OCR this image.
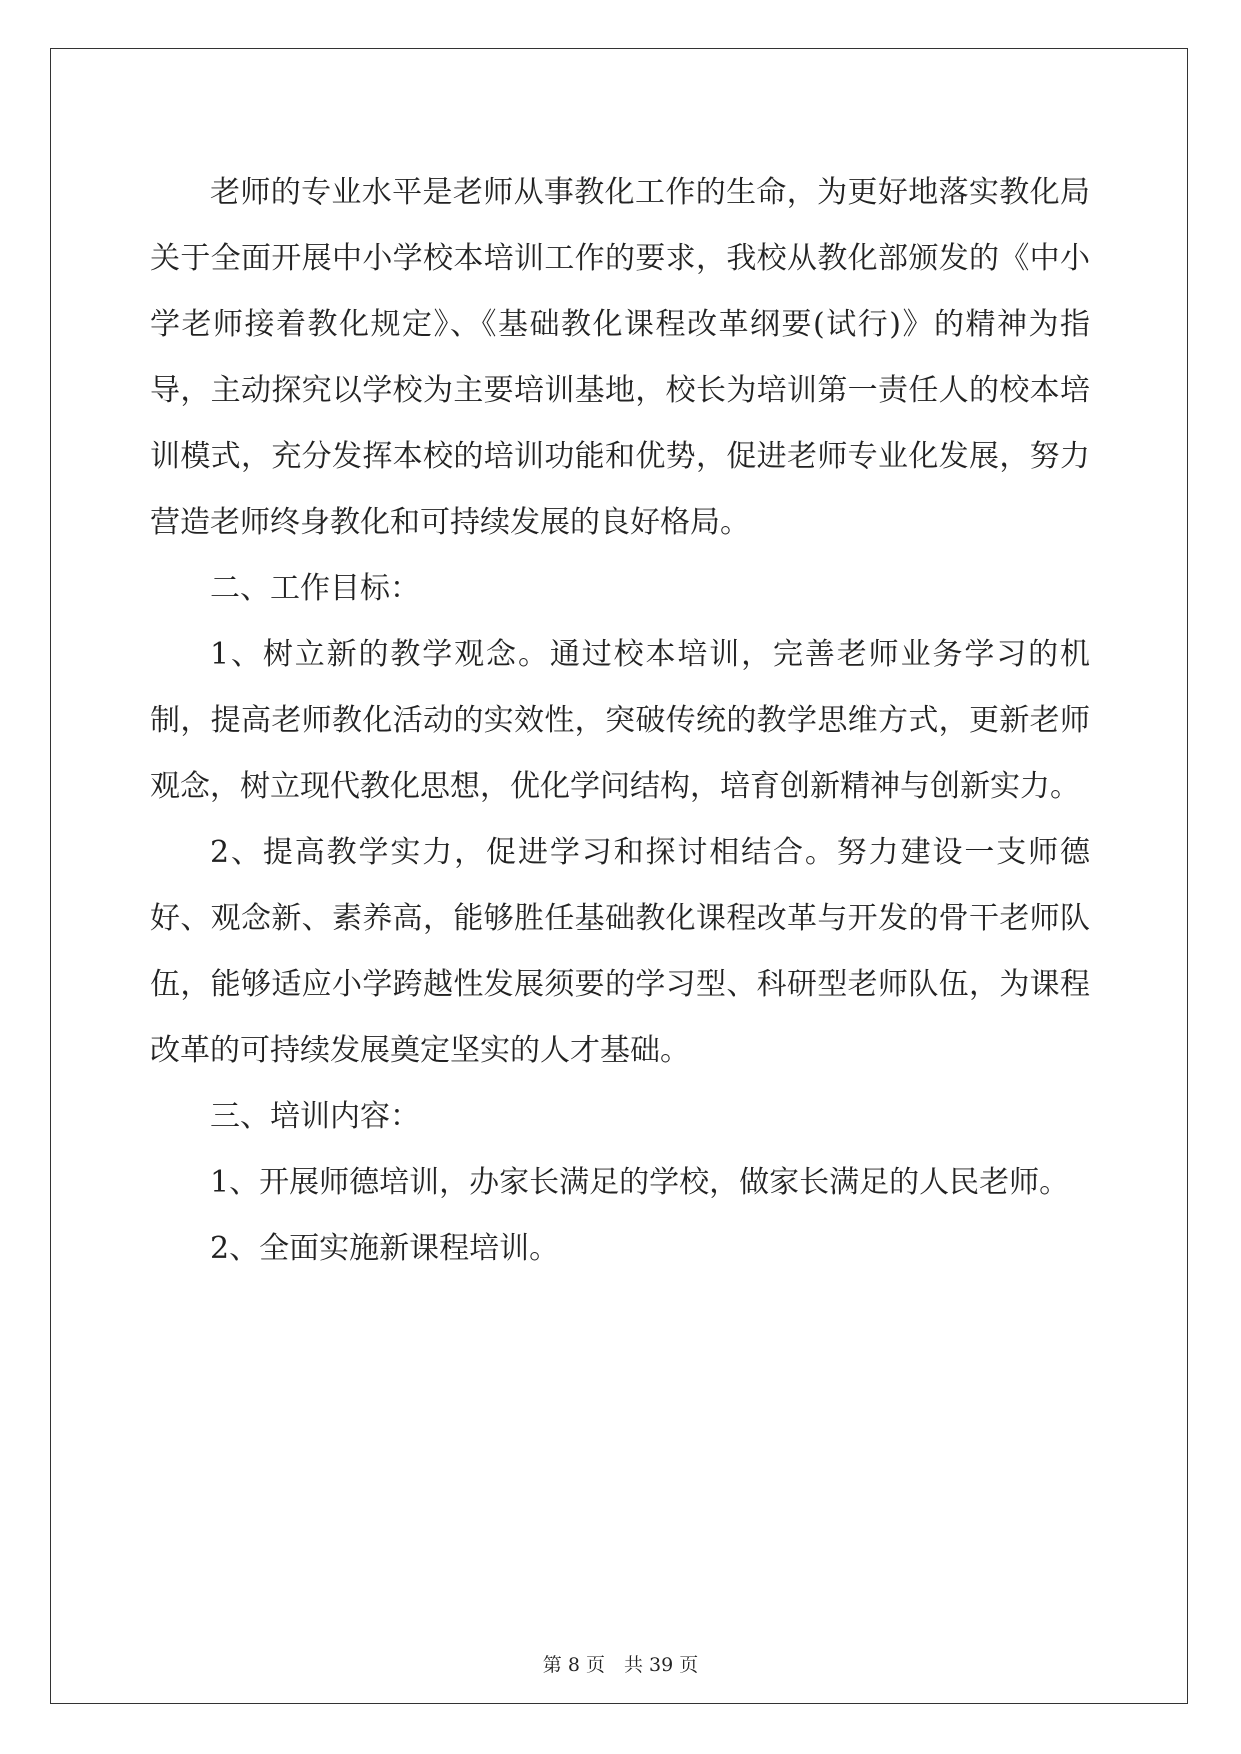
老师的专业水平是老师从事教化工作的生命，为更好地落实教化局关于全面开展中小学校本培训工作的要求，我校从教化部颁发的《中小学老师接着教化规定》、《基础教化课程改革纲要(试行)》的精神为指导，主动探究以学校为主要培训基地，校长为培训第一责任人的校本培训模式，充分发挥本校的培训功能和优势，促进老师专业化发展，努力营造老师终身教化和可持续发展的良好格局。

二、工作目标：

1、树立新的教学观念。通过校本培训，完善老师业务学习的机制，提高老师教化活动的实效性，突破传统的教学思维方式，更新老师观念，树立现代教化思想，优化学问结构，培育创新精神与创新实力。

2、提高教学实力，促进学习和探讨相结合。努力建设一支师德好、观念新、素养高，能够胜任基础教化课程改革与开发的骨干老师队伍，能够适应小学跨越性发展须要的学习型、科研型老师队伍，为课程改革的可持续发展奠定坚实的人才基础。

三、培训内容：

1、开展师德培训，办家长满足的学校，做家长满足的人民老师。

2、全面实施新课程培训。

第 8 页　共 39 页
